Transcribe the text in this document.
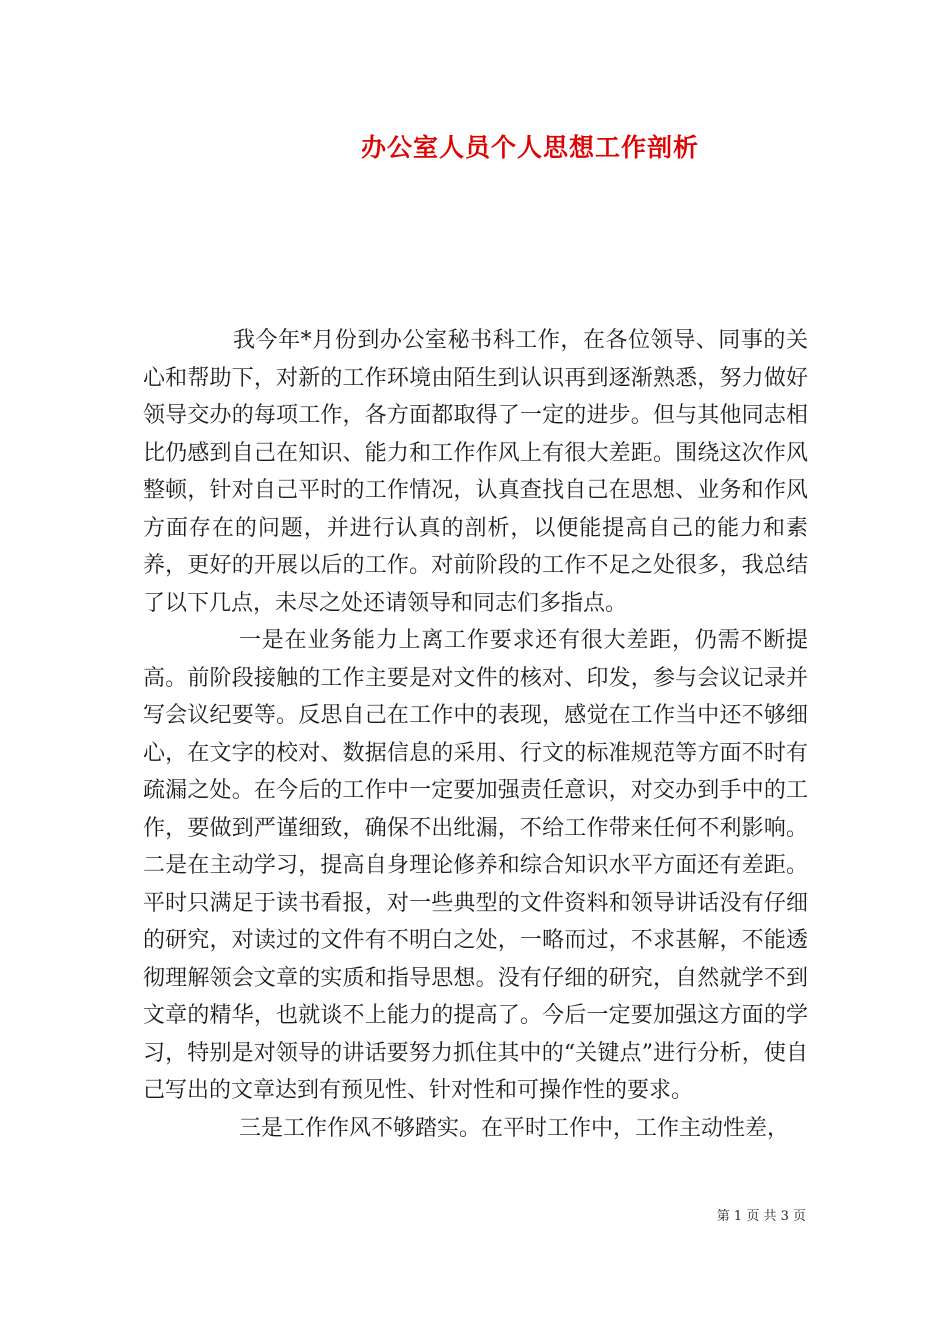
办公室人员个人思想工作剖析

我今年*月份到办公室秘书科工作，在各位领导、同事的关心和帮助下，对新的工作环境由陌生到认识再到逐渐熟悉，努力做好领导交办的每项工作，各方面都取得了一定的进步。但与其他同志相比仍感到自己在知识、能力和工作作风上有很大差距。围绕这次作风整顿，针对自己平时的工作情况，认真查找自己在思想、业务和作风方面存在的问题，并进行认真的剖析，以便能提高自己的能力和素养，更好的开展以后的工作。对前阶段的工作不足之处很多，我总结了以下几点，未尽之处还请领导和同志们多指点。

一是在业务能力上离工作要求还有很大差距，仍需不断提高。前阶段接触的工作主要是对文件的核对、印发，参与会议记录并写会议纪要等。反思自己在工作中的表现，感觉在工作当中还不够细心，在文字的校对、数据信息的采用、行文的标准规范等方面不时有疏漏之处。在今后的工作中一定要加强责任意识，对交办到手中的工作，要做到严谨细致，确保不出纰漏，不给工作带来任何不利影响。二是在主动学习，提高自身理论修养和综合知识水平方面还有差距。平时只满足于读书看报，对一些典型的文件资料和领导讲话没有仔细的研究，对读过的文件有不明白之处，一略而过，不求甚解，不能透彻理解领会文章的实质和指导思想。没有仔细的研究，自然就学不到文章的精华，也就谈不上能力的提高了。今后一定要加强这方面的学习，特别是对领导的讲话要努力抓住其中的“关键点”进行分析，使自己写出的文章达到有预见性、针对性和可操作性的要求。

三是工作作风不够踏实。在平时工作中，工作主动性差，

第 1 页 共 3 页
